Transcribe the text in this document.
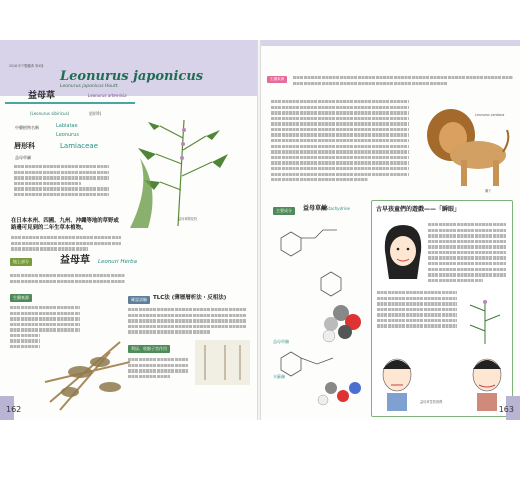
2018 年中醫藥典 第4冊
Leonurus japonicus
Leonurus japonicus Houtt.
益母草	Leonurus artemisia
(Leonurus sibiricus)	唇形科
中藥植物名稱	Labiatae
Leonurus
唇形科	Lamiaceae
益母草屬
益母草開花枝
在日本本州、四國、九州、沖繩等地的草野或路邊可見到的二年生草本植物。
地上部分	益母草 Leonuri Herba
生藥來源	確認試驗	TLC法 (薄層層析法・反相法)
利尿、收縮子宮作用
162
生藥來源
Leonurus cardiaca
獅子
主要成分	益母草鹼
Stachydrine
益母草鹼
水蘇鹼
古早孩童們的遊戲——「瞬眼」
益母草莖的遊戲
163
